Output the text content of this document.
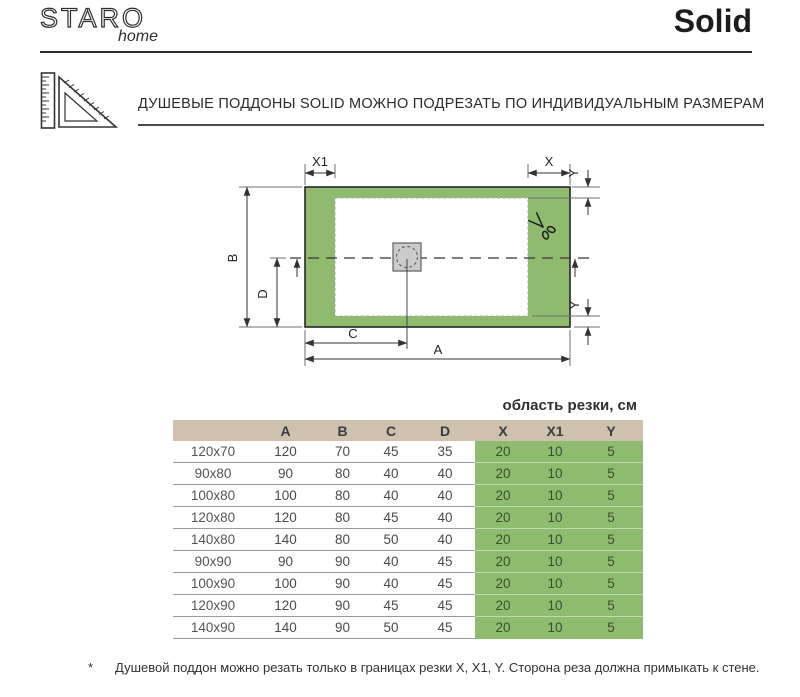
STARO
home	Solid
ДУШЕВЫЕ ПОДДОНЫ SOLID МОЖНО ПОДРЕЗАТЬ ПО ИНДИВИДУАЛЬНЫМ РАЗМЕРАМ
X1	X
Y
Y
B
D
C
A
область резки, см
	A	B	C	D	X	X1	Y
120x70	120	70	45	35	20	10	5
90x80	90	80	40	40	20	10	5
100x80	100	80	40	40	20	10	5
120x80	120	80	45	40	20	10	5
140x80	140	80	50	40	20	10	5
90x90	90	90	40	45	20	10	5
100x90	100	90	40	45	20	10	5
120x90	120	90	45	45	20	10	5
140x90	140	90	50	45	20	10	5
*	Душевой поддон можно резать только в границах резки X, X1, Y. Сторона реза должна примыкать к стене.
